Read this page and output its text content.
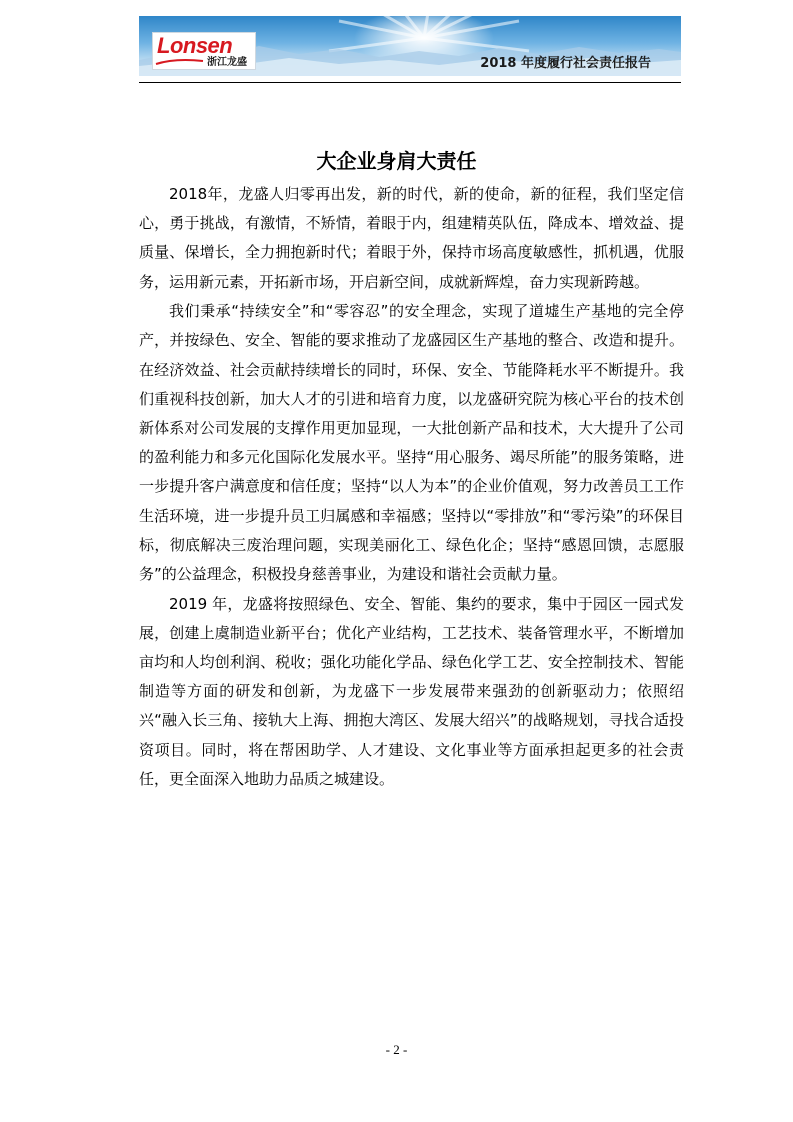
Lonsen
浙江龙盛	2018 年度履行社会责任报告
大企业身肩大责任

2018年，龙盛人归零再出发，新的时代，新的使命，新的征程，我们坚定信心，勇于挑战，有激情，不矫情，着眼于内，组建精英队伍，降成本、增效益、提质量、保增长，全力拥抱新时代；着眼于外，保持市场高度敏感性，抓机遇，优服务，运用新元素，开拓新市场，开启新空间，成就新辉煌，奋力实现新跨越。

我们秉承“持续安全”和“零容忍”的安全理念，实现了道墟生产基地的完全停产，并按绿色、安全、智能的要求推动了龙盛园区生产基地的整合、改造和提升。在经济效益、社会贡献持续增长的同时，环保、安全、节能降耗水平不断提升。我们重视科技创新，加大人才的引进和培育力度，以龙盛研究院为核心平台的技术创新体系对公司发展的支撑作用更加显现，一大批创新产品和技术，大大提升了公司的盈利能力和多元化国际化发展水平。坚持“用心服务、竭尽所能”的服务策略，进一步提升客户满意度和信任度；坚持“以人为本”的企业价值观，努力改善员工工作生活环境，进一步提升员工归属感和幸福感；坚持以“零排放”和“零污染”的环保目标，彻底解决三废治理问题，实现美丽化工、绿色化企；坚持“感恩回馈，志愿服务”的公益理念，积极投身慈善事业，为建设和谐社会贡献力量。

2019 年，龙盛将按照绿色、安全、智能、集约的要求，集中于园区一园式发展，创建上虞制造业新平台；优化产业结构，工艺技术、装备管理水平，不断增加亩均和人均创利润、税收；强化功能化学品、绿色化学工艺、安全控制技术、智能制造等方面的研发和创新，为龙盛下一步发展带来强劲的创新驱动力；依照绍兴“融入长三角、接轨大上海、拥抱大湾区、发展大绍兴”的战略规划，寻找合适投资项目。同时，将在帮困助学、人才建设、文化事业等方面承担起更多的社会责任，更全面深入地助力品质之城建设。

- 2 -
